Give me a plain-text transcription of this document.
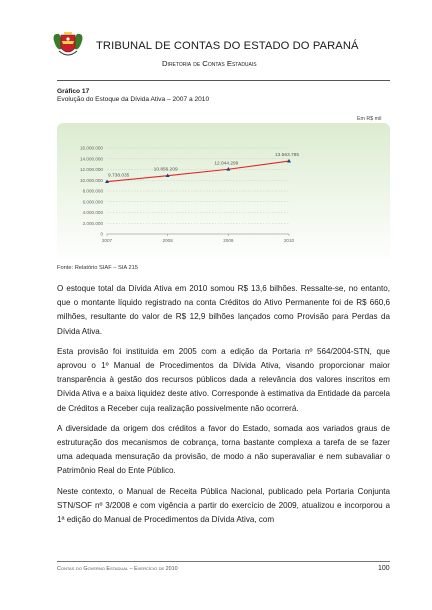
TRIBUNAL DE CONTAS DO ESTADO DO PARANÁ
Diretoria de Contas Estaduais
Gráfico 17
Evolução do Estoque da Dívida Ativa – 2007 a 2010
Em R$ mil
0
2.000.000
4.000.000
6.000.000
8.000.000
10.000.000
12.000.000
14.000.000
16.000.000
9.738.035
10.856.209
12.044.299
13.563.785
2007	2008	2009	2010
Fonte: Relatório SIAF – SIA 215

O estoque total da Dívida Ativa em 2010 somou R$ 13,6 bilhões. Ressalte-se, no entanto, que o montante líquido registrado na conta Créditos do Ativo Permanente foi de R$ 660,6 milhões, resultante do valor de R$ 12,9 bilhões lançados como Provisão para Perdas da Dívida Ativa.

Esta provisão foi instituída em 2005 com a edição da Portaria nº 564/2004-STN, que aprovou o 1º Manual de Procedimentos da Dívida Ativa, visando proporcionar maior transparência à gestão dos recursos públicos dada a relevância dos valores inscritos em Dívida Ativa e a baixa liquidez deste ativo. Corresponde à estimativa da Entidade da parcela de Créditos a Receber cuja realização possivelmente não ocorrerá.

A diversidade da origem dos créditos a favor do Estado, somada aos variados graus de estruturação dos mecanismos de cobrança, torna bastante complexa a tarefa de se fazer uma adequada mensuração da provisão, de modo a não superavaliar e nem subavaliar o Patrimônio Real do Ente Público.

Neste contexto, o Manual de Receita Pública Nacional, publicado pela Portaria Conjunta STN/SOF nº 3/2008 e com vigência a partir do exercício de 2009, atualizou e incorporou a 1ª edição do Manual de Procedimentos da Dívida Ativa, com

Contas do Governo Estadual – Exercício de 2010	100
